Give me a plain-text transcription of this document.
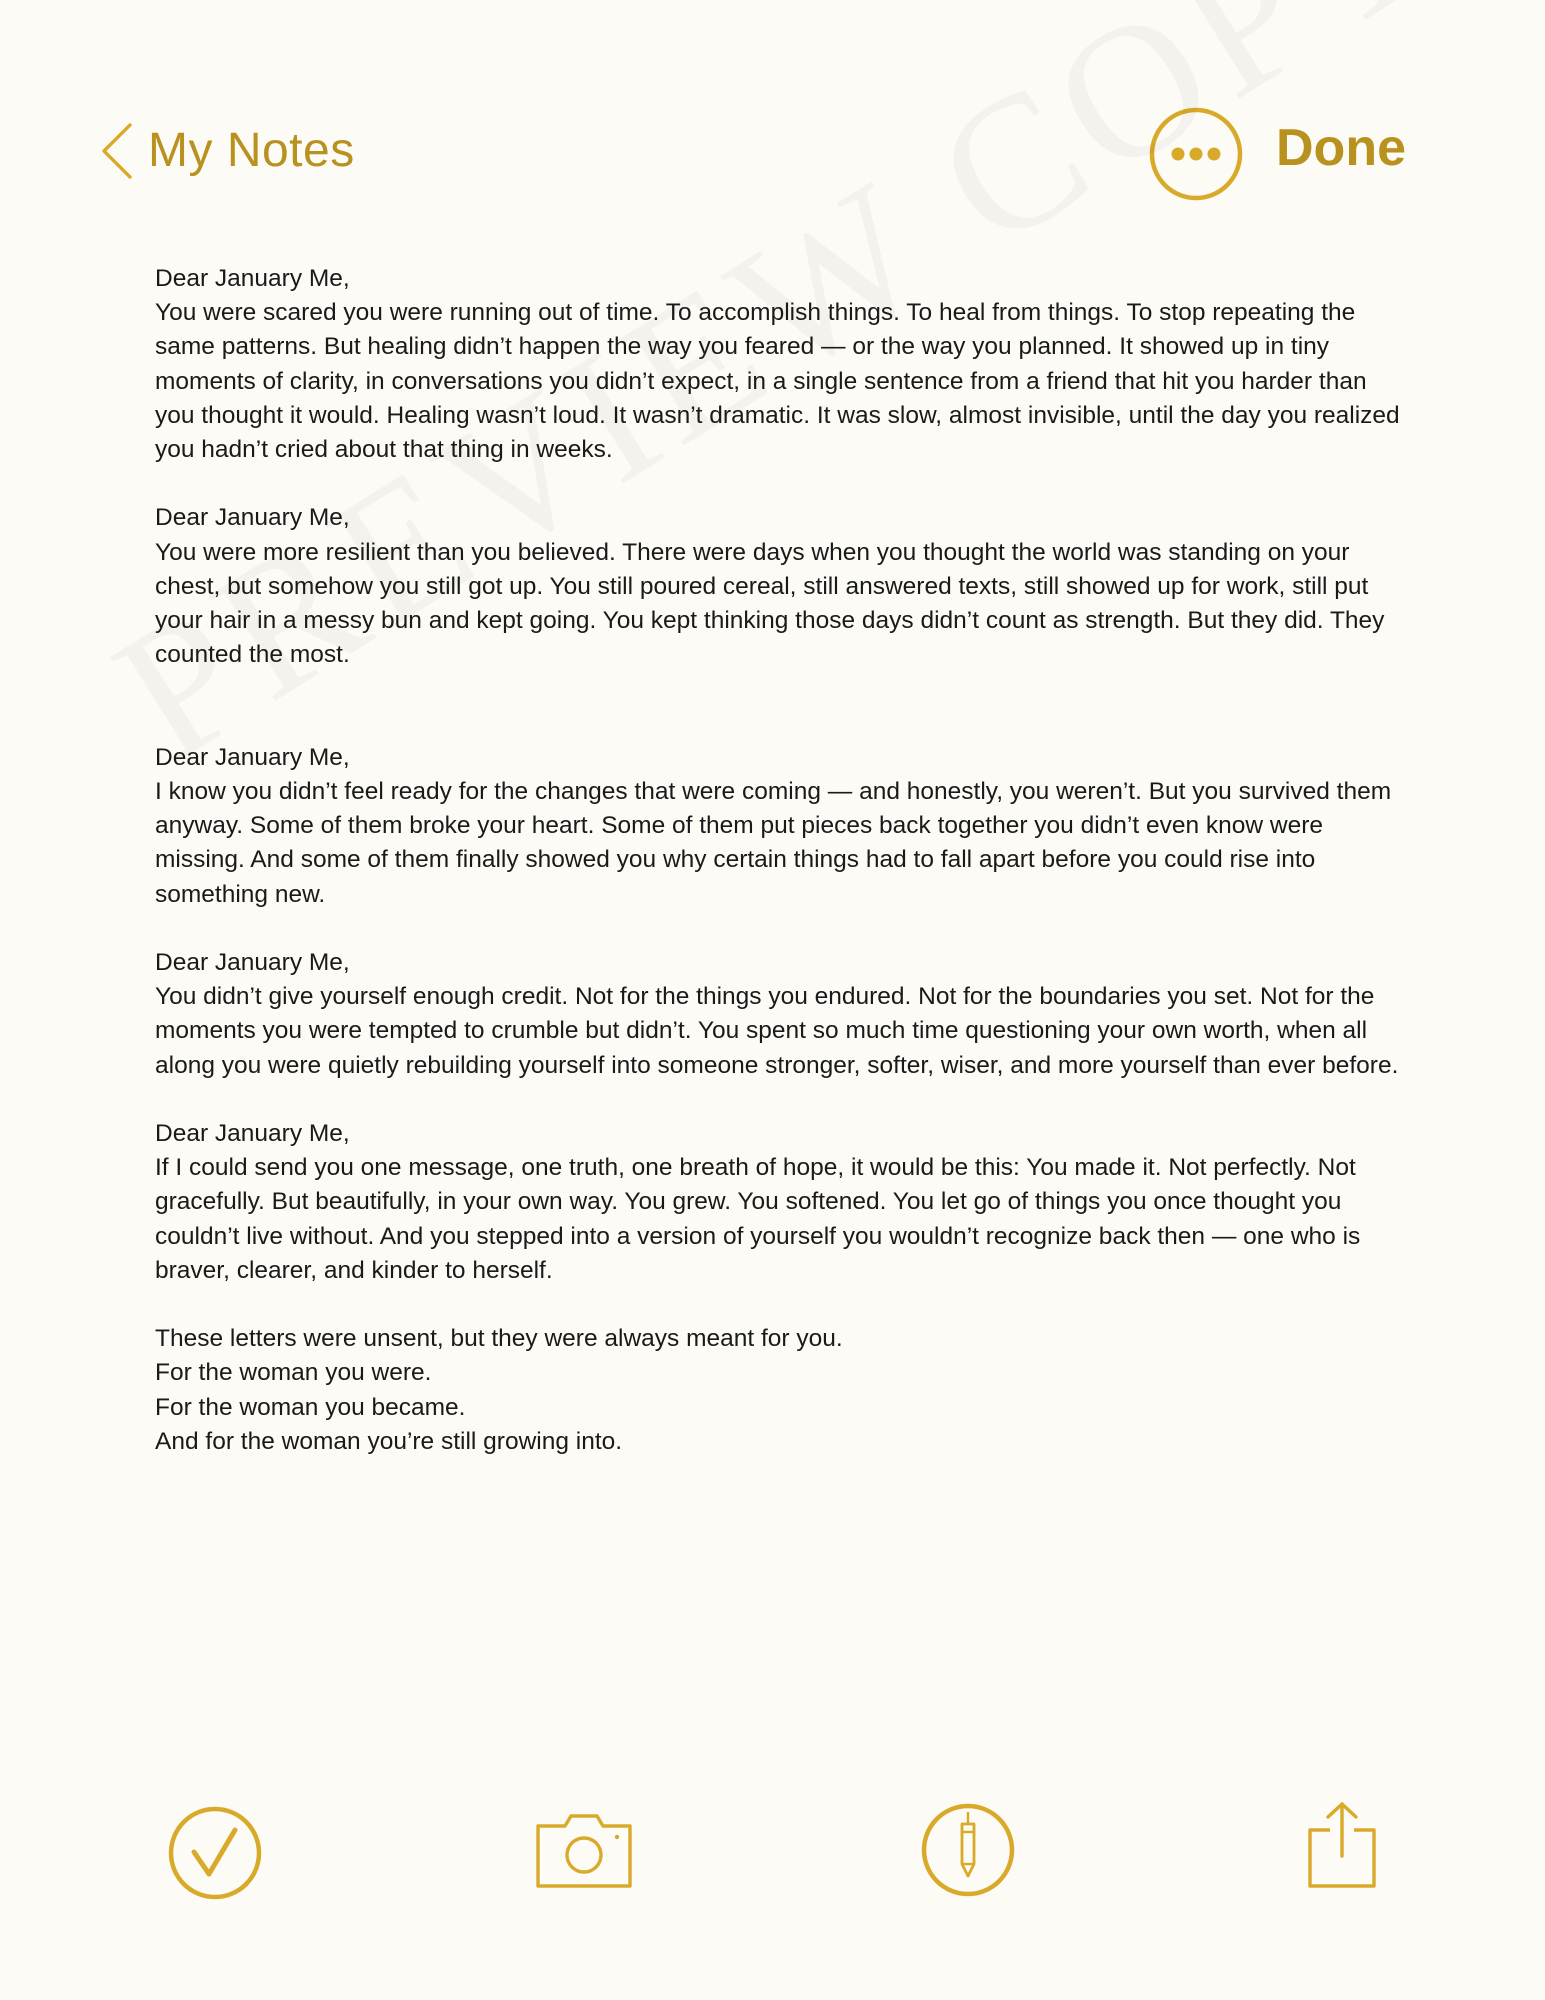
My Notes	Done

Dear January Me,

You were scared you were running out of time. To accomplish things. To heal from things. To stop repeating the same patterns. But healing didn’t happen the way you feared — or the way you planned. It showed up in tiny moments of clarity, in conversations you didn’t expect, in a single sentence from a friend that hit you harder than you thought it would. Healing wasn’t loud. It wasn’t dramatic. It was slow, almost invisible, until the day you realized you hadn’t cried about that thing in weeks.

Dear January Me,

You were more resilient than you believed. There were days when you thought the world was standing on your chest, but somehow you still got up. You still poured cereal, still answered texts, still showed up for work, still put your hair in a messy bun and kept going. You kept thinking those days didn’t count as strength. But they did. They counted the most.

Dear January Me,

I know you didn’t feel ready for the changes that were coming — and honestly, you weren’t. But you survived them anyway. Some of them broke your heart. Some of them put pieces back together you didn’t even know were missing. And some of them finally showed you why certain things had to fall apart before you could rise into something new.

Dear January Me,

You didn’t give yourself enough credit. Not for the things you endured. Not for the boundaries you set. Not for the moments you were tempted to crumble but didn’t. You spent so much time questioning your own worth, when all along you were quietly rebuilding yourself into someone stronger, softer, wiser, and more yourself than ever before.

Dear January Me,

If I could send you one message, one truth, one breath of hope, it would be this: You made it. Not perfectly. Not gracefully. But beautifully, in your own way. You grew. You softened. You let go of things you once thought you couldn’t live without. And you stepped into a version of yourself you wouldn’t recognize back then — one who is braver, clearer, and kinder to herself.

These letters were unsent, but they were always meant for you.

For the woman you were.

For the woman you became.

And for the woman you’re still growing into.
